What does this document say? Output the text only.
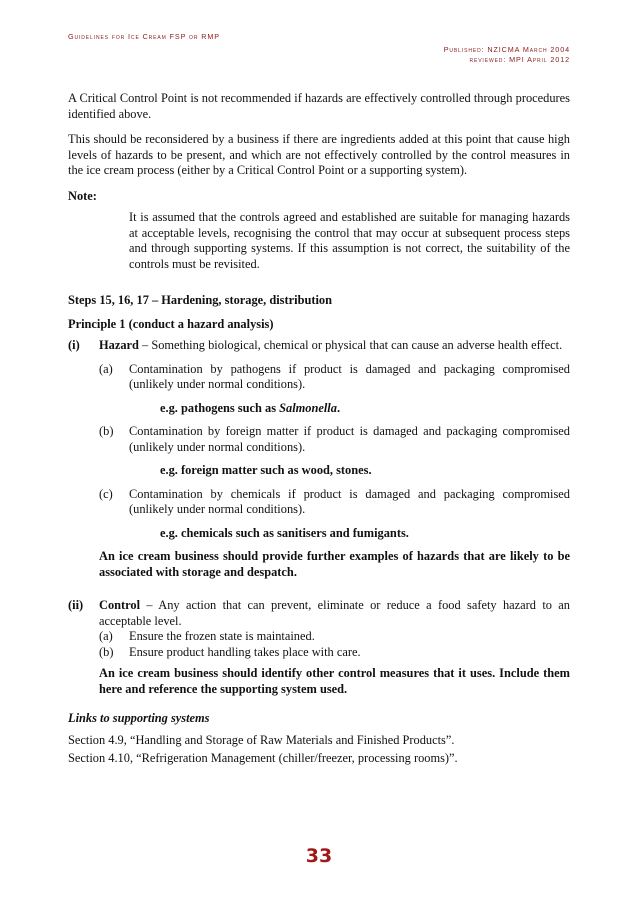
Guidelines for Ice Cream FSP or RMP
Published: NZICMA March 2004
reviewed: MPI April 2012

A Critical Control Point is not recommended if hazards are effectively controlled through procedures identified above.

This should be reconsidered by a business if there are ingredients added at this point that cause high levels of hazards to be present, and which are not effectively controlled by the control measures in the ice cream process (either by a Critical Control Point or a supporting system).

Note:

It is assumed that the controls agreed and established are suitable for managing hazards at acceptable levels, recognising the control that may occur at subsequent process steps and through supporting systems. If this assumption is not correct, the suitability of the controls must be revisited.

Steps 15, 16, 17 – Hardening, storage, distribution

Principle 1 (conduct a hazard analysis)

(i)	Hazard – Something biological, chemical or physical that can cause an adverse health effect.

(a)	Contamination by pathogens if product is damaged and packaging compromised (unlikely under normal conditions).

e.g. pathogens such as Salmonella.

(b)	Contamination by foreign matter if product is damaged and packaging compromised (unlikely under normal conditions).

e.g. foreign matter such as wood, stones.

(c)	Contamination by chemicals if product is damaged and packaging compromised (unlikely under normal conditions).

e.g. chemicals such as sanitisers and fumigants.

An ice cream business should provide further examples of hazards that are likely to be associated with storage and despatch.

(ii)	Control – Any action that can prevent, eliminate or reduce a food safety hazard to an acceptable level.

(a)	Ensure the frozen state is maintained.

(b)	Ensure product handling takes place with care.

An ice cream business should identify other control measures that it uses. Include them here and reference the supporting system used.

Links to supporting systems

Section 4.9, “Handling and Storage of Raw Materials and Finished Products”.

Section 4.10, “Refrigeration Management (chiller/freezer, processing rooms)”.

33
